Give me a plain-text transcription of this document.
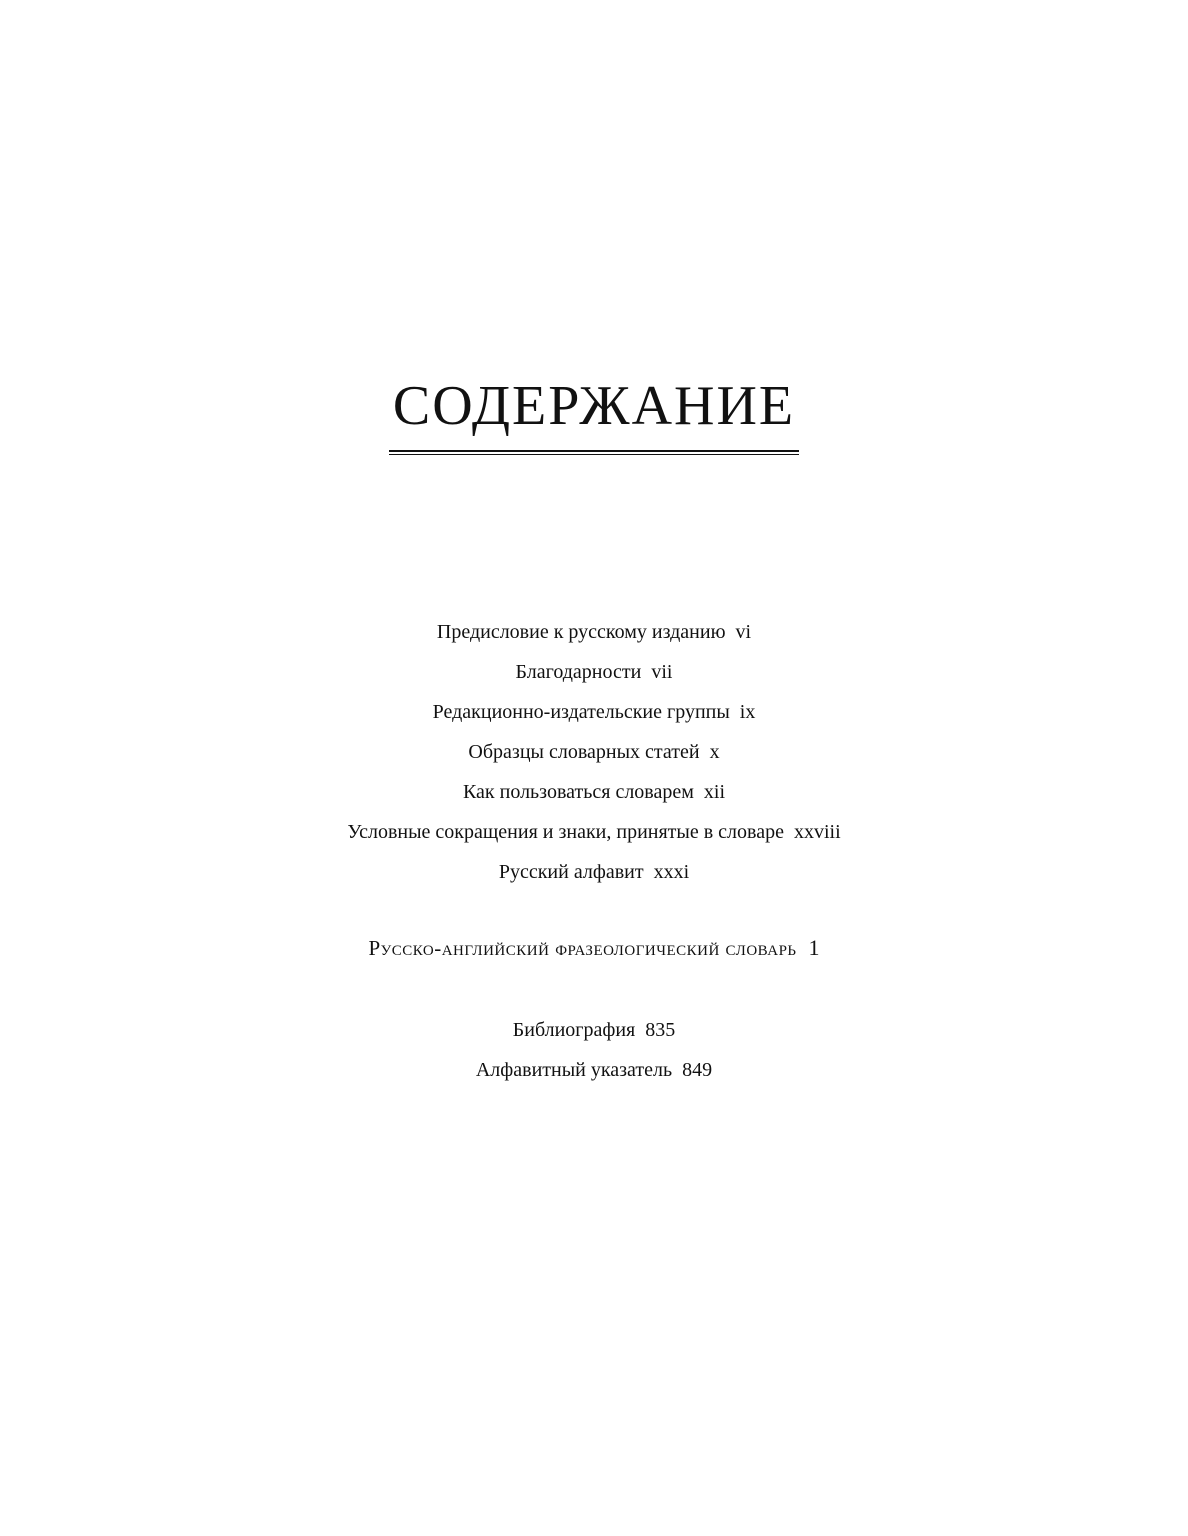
СОДЕРЖАНИЕ
Предисловие к русскому изданию vi
Благодарности vii
Редакционно-издательские группы ix
Образцы словарных статей x
Как пользоваться словарем xii
Условные сокращения и знаки, принятые в словаре xxviii
Русский алфавит xxxi
Русско-английский фразеологический словарь 1
Библиография 835
Алфавитный указатель 849
